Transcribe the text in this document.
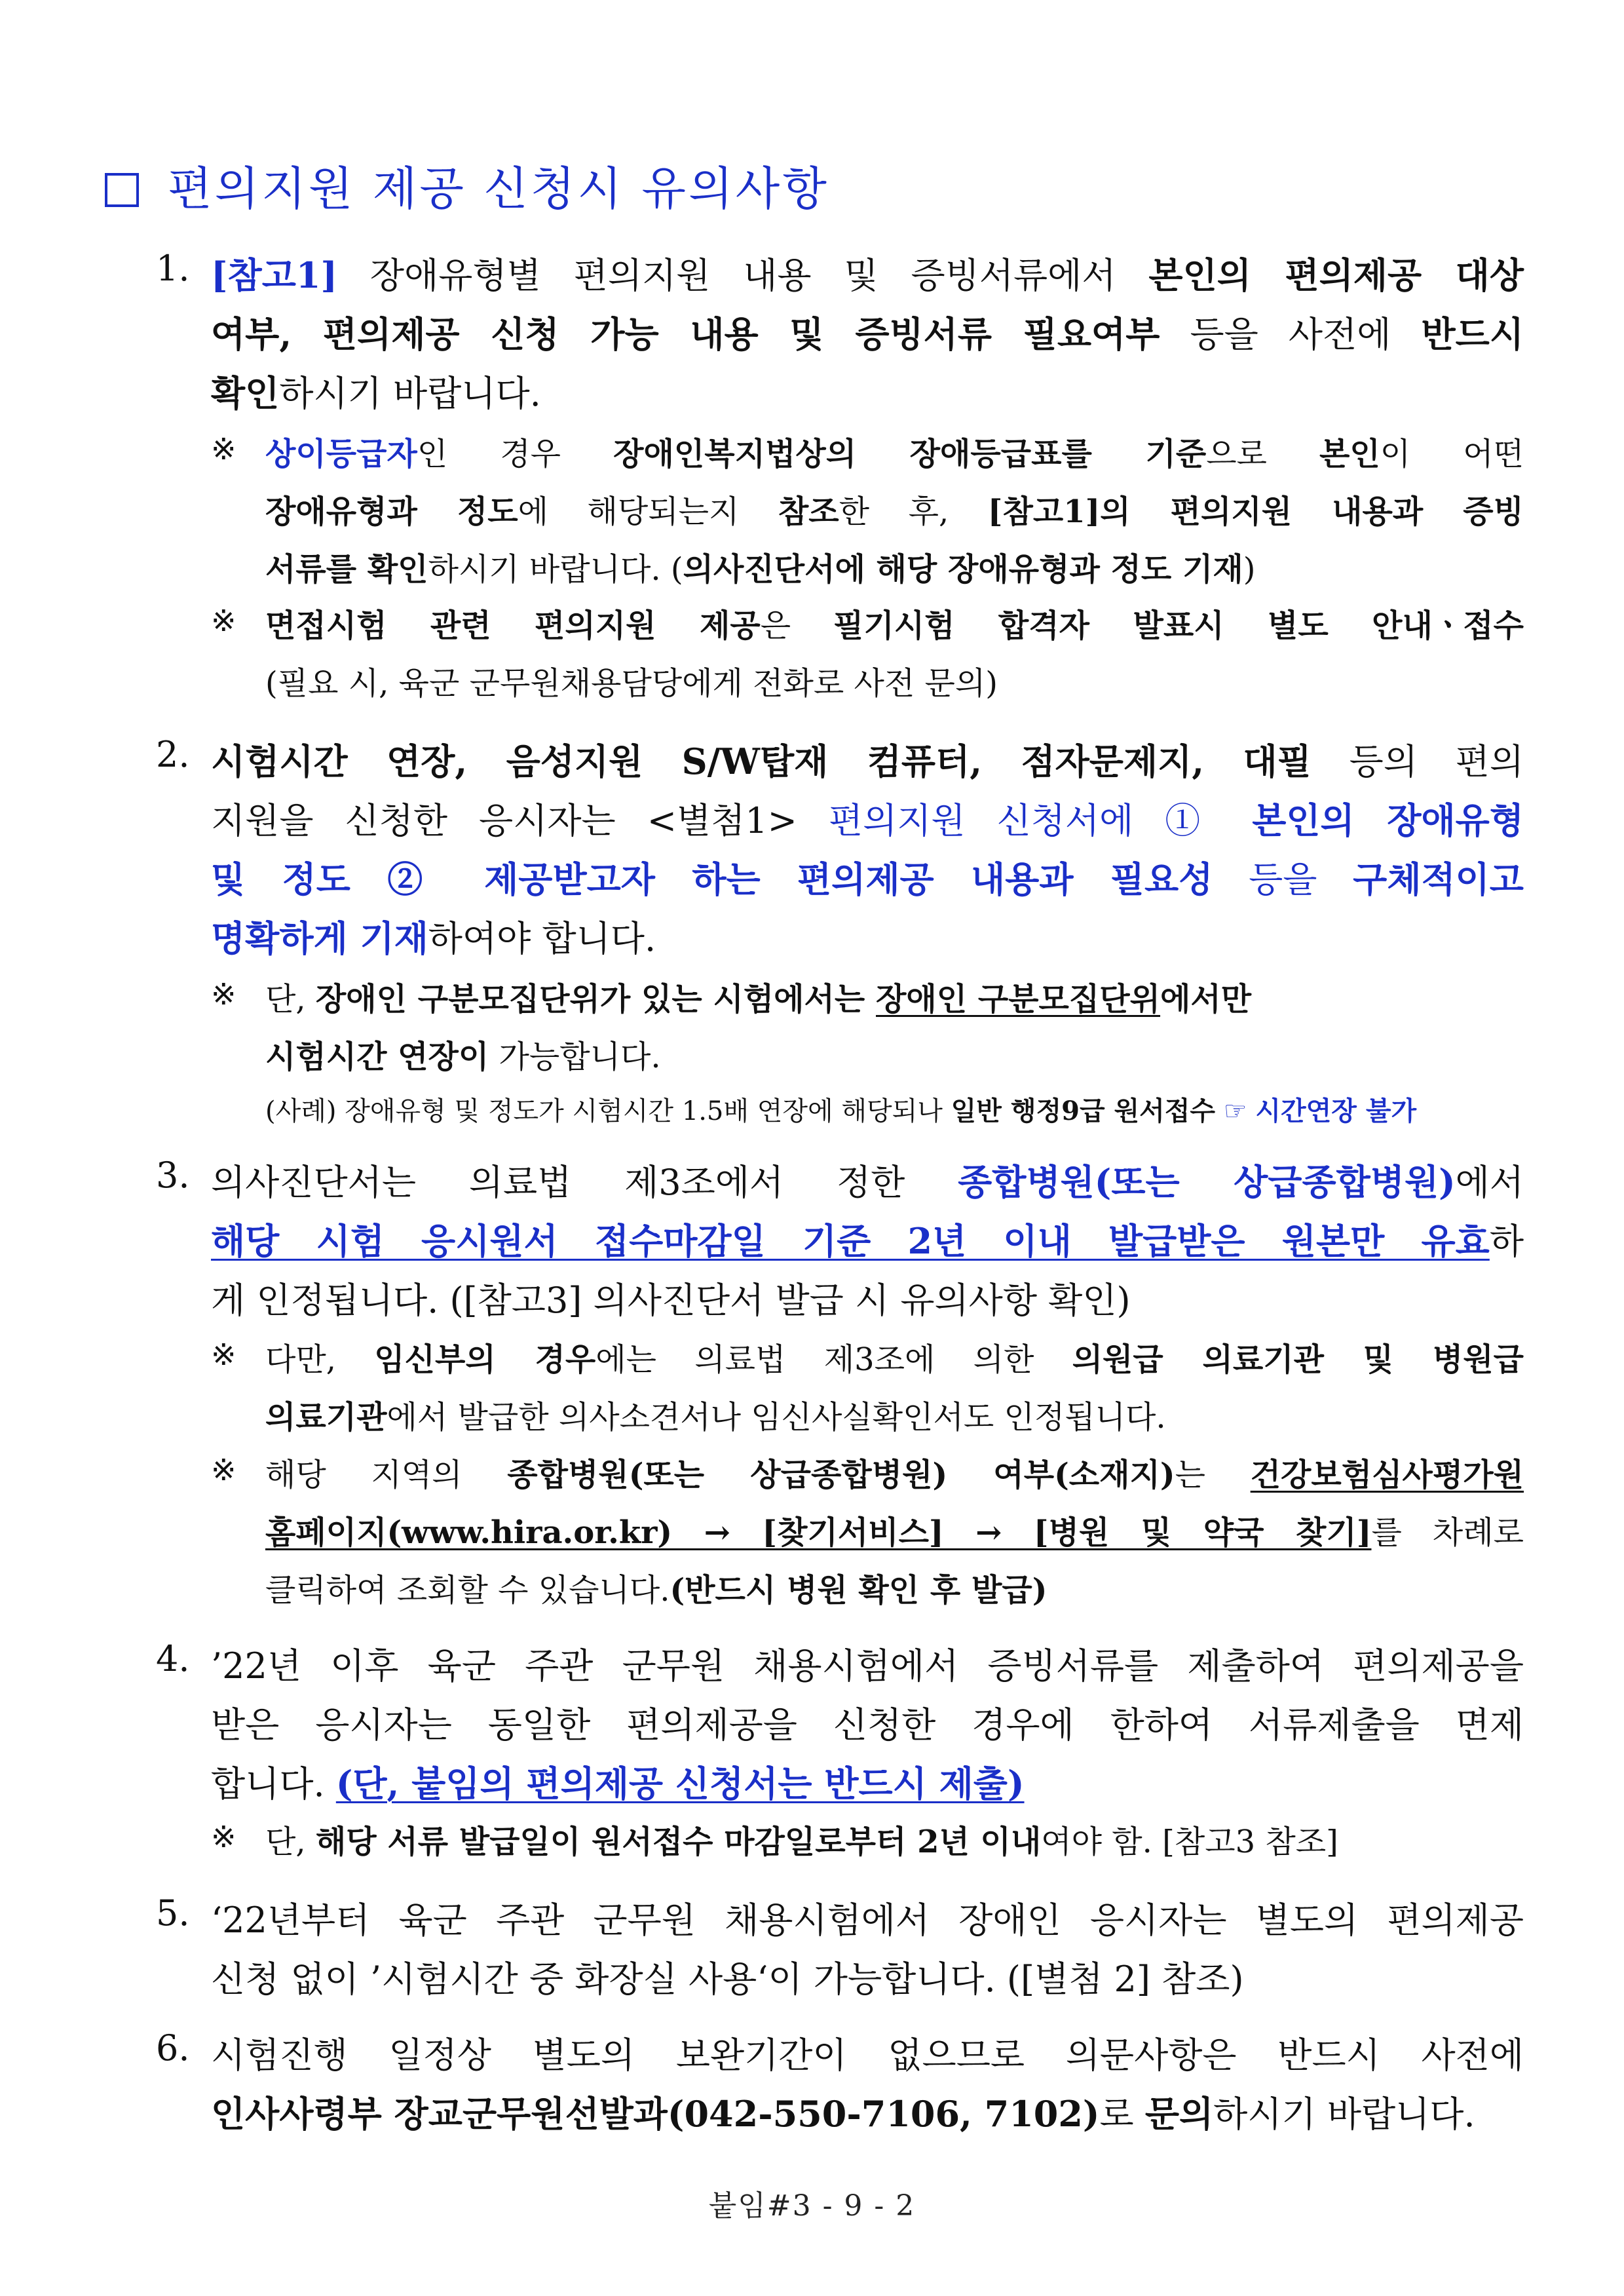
편의지원 제공 신청시 유의사항
1. [참고1] 장애유형별 편의지원 내용 및 증빙서류에서 본인의 편의제공 대상
여부, 편의제공 신청 가능 내용 및 증빙서류 필요여부 등을 사전에 반드시
확인하시기 바랍니다.
※ 상이등급자인 경우 장애인복지법상의 장애등급표를 기준으로 본인이 어떤
장애유형과 정도에 해당되는지 참조한 후, [참고1]의 편의지원 내용과 증빙
서류를 확인하시기 바랍니다. (의사진단서에 해당 장애유형과 정도 기재)
※ 면접시험 관련 편의지원 제공은 필기시험 합격자 발표시 별도 안내ㆍ접수
(필요 시, 육군 군무원채용담당에게 전화로 사전 문의)
2. 시험시간 연장, 음성지원 S/W탑재 컴퓨터, 점자문제지, 대필 등의 편의
지원을 신청한 응시자는 <별첨1> 편의지원 신청서에 ① 본인의 장애유형
및 정도 ② 제공받고자 하는 편의제공 내용과 필요성 등을 구체적이고
명확하게 기재하여야 합니다.
※ 단, 장애인 구분모집단위가 있는 시험에서는 장애인 구분모집단위에서만
시험시간 연장이 가능합니다.
(사례) 장애유형 및 정도가 시험시간 1.5배 연장에 해당되나 일반 행정9급 원서접수 ☞ 시간연장 불가
3. 의사진단서는 의료법 제3조에서 정한 종합병원(또는 상급종합병원)에서
해당 시험 응시원서 접수마감일 기준 2년 이내 발급받은 원본만 유효하
게 인정됩니다. ([참고3] 의사진단서 발급 시 유의사항 확인)
※ 다만, 임신부의 경우에는 의료법 제3조에 의한 의원급 의료기관 및 병원급
의료기관에서 발급한 의사소견서나 임신사실확인서도 인정됩니다.
※ 해당 지역의 종합병원(또는 상급종합병원) 여부(소재지)는 건강보험심사평가원
홈페이지(www.hira.or.kr) → [찾기서비스] → [병원 및 약국 찾기]를 차례로
클릭하여 조회할 수 있습니다.(반드시 병원 확인 후 발급)
4. ’22년 이후 육군 주관 군무원 채용시험에서 증빙서류를 제출하여 편의제공을
받은 응시자는 동일한 편의제공을 신청한 경우에 한하여 서류제출을 면제
합니다. (단, 붙임의 편의제공 신청서는 반드시 제출)
※ 단, 해당 서류 발급일이 원서접수 마감일로부터 2년 이내여야 함. [참고3 참조]
5. ‘22년부터 육군 주관 군무원 채용시험에서 장애인 응시자는 별도의 편의제공
신청 없이 ’시험시간 중 화장실 사용‘이 가능합니다. ([별첨 2] 참조)
6. 시험진행 일정상 별도의 보완기간이 없으므로 의문사항은 반드시 사전에
인사사령부 장교군무원선발과(042-550-7106, 7102)로 문의하시기 바랍니다.
붙임#3 - 9 - 2
